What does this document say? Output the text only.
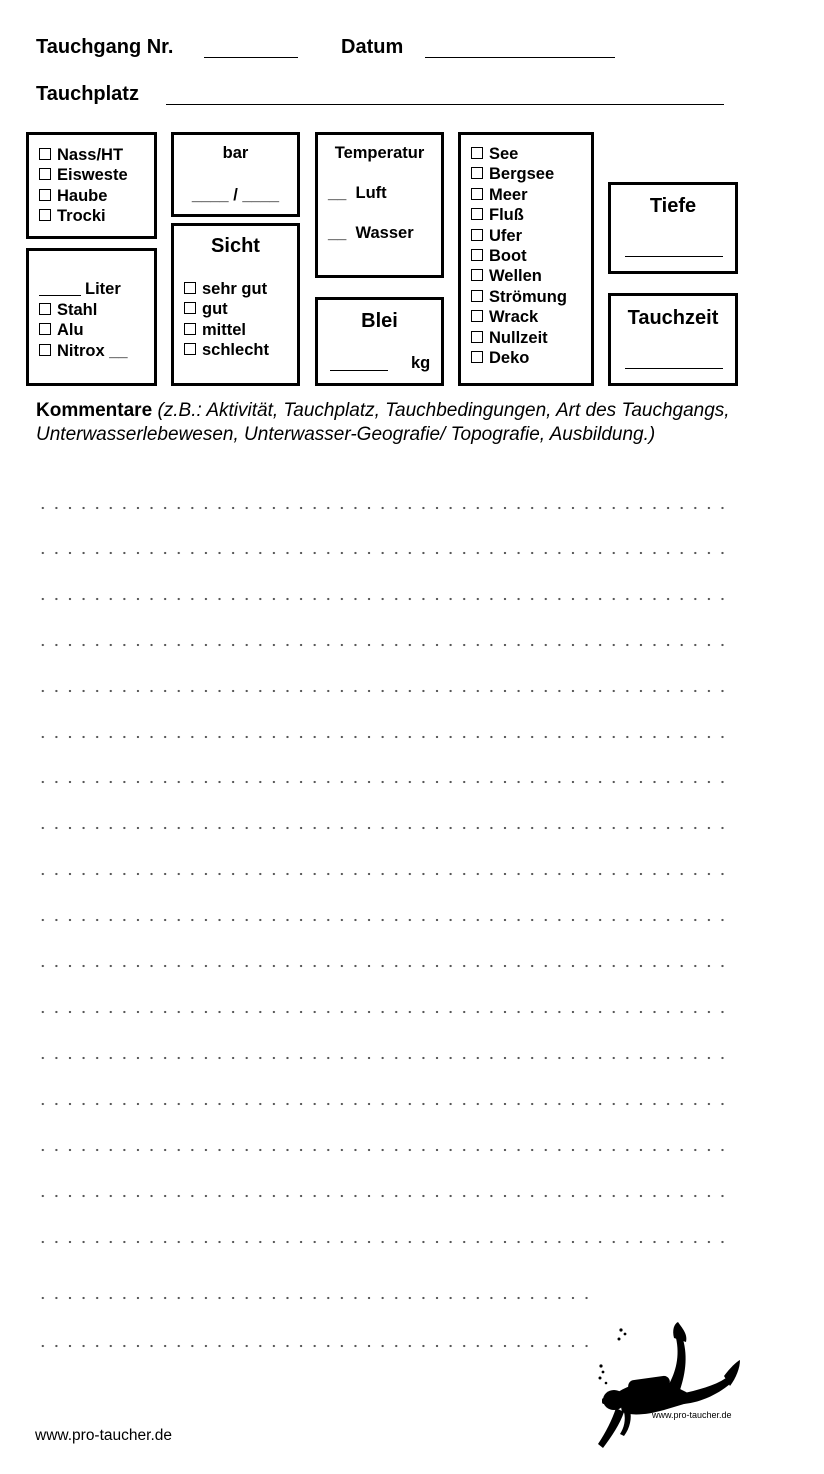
Tauchgang Nr.	Datum
Tauchplatz
Nass/HT
Eisweste
Haube
Trocki
Liter
Stahl
Alu
Nitrox __
bar
____ / ____
Sicht
sehr gut
gut
mittel
schlecht
Temperatur
__  Luft
__  Wasser
Blei
kg
See
Bergsee
Meer
Fluß
Ufer
Boot
Wellen
Strömung
Wrack
Nullzeit
Deko
Tiefe
Tauchzeit
Kommentare (z.B.: Aktivität, Tauchplatz, Tauchbedingungen, Art des Tauchgangs, Unterwasserlebewesen, Unterwasser-Geografie/ Topografie, Ausbildung.)
www.pro-taucher.de
www.pro-taucher.de
